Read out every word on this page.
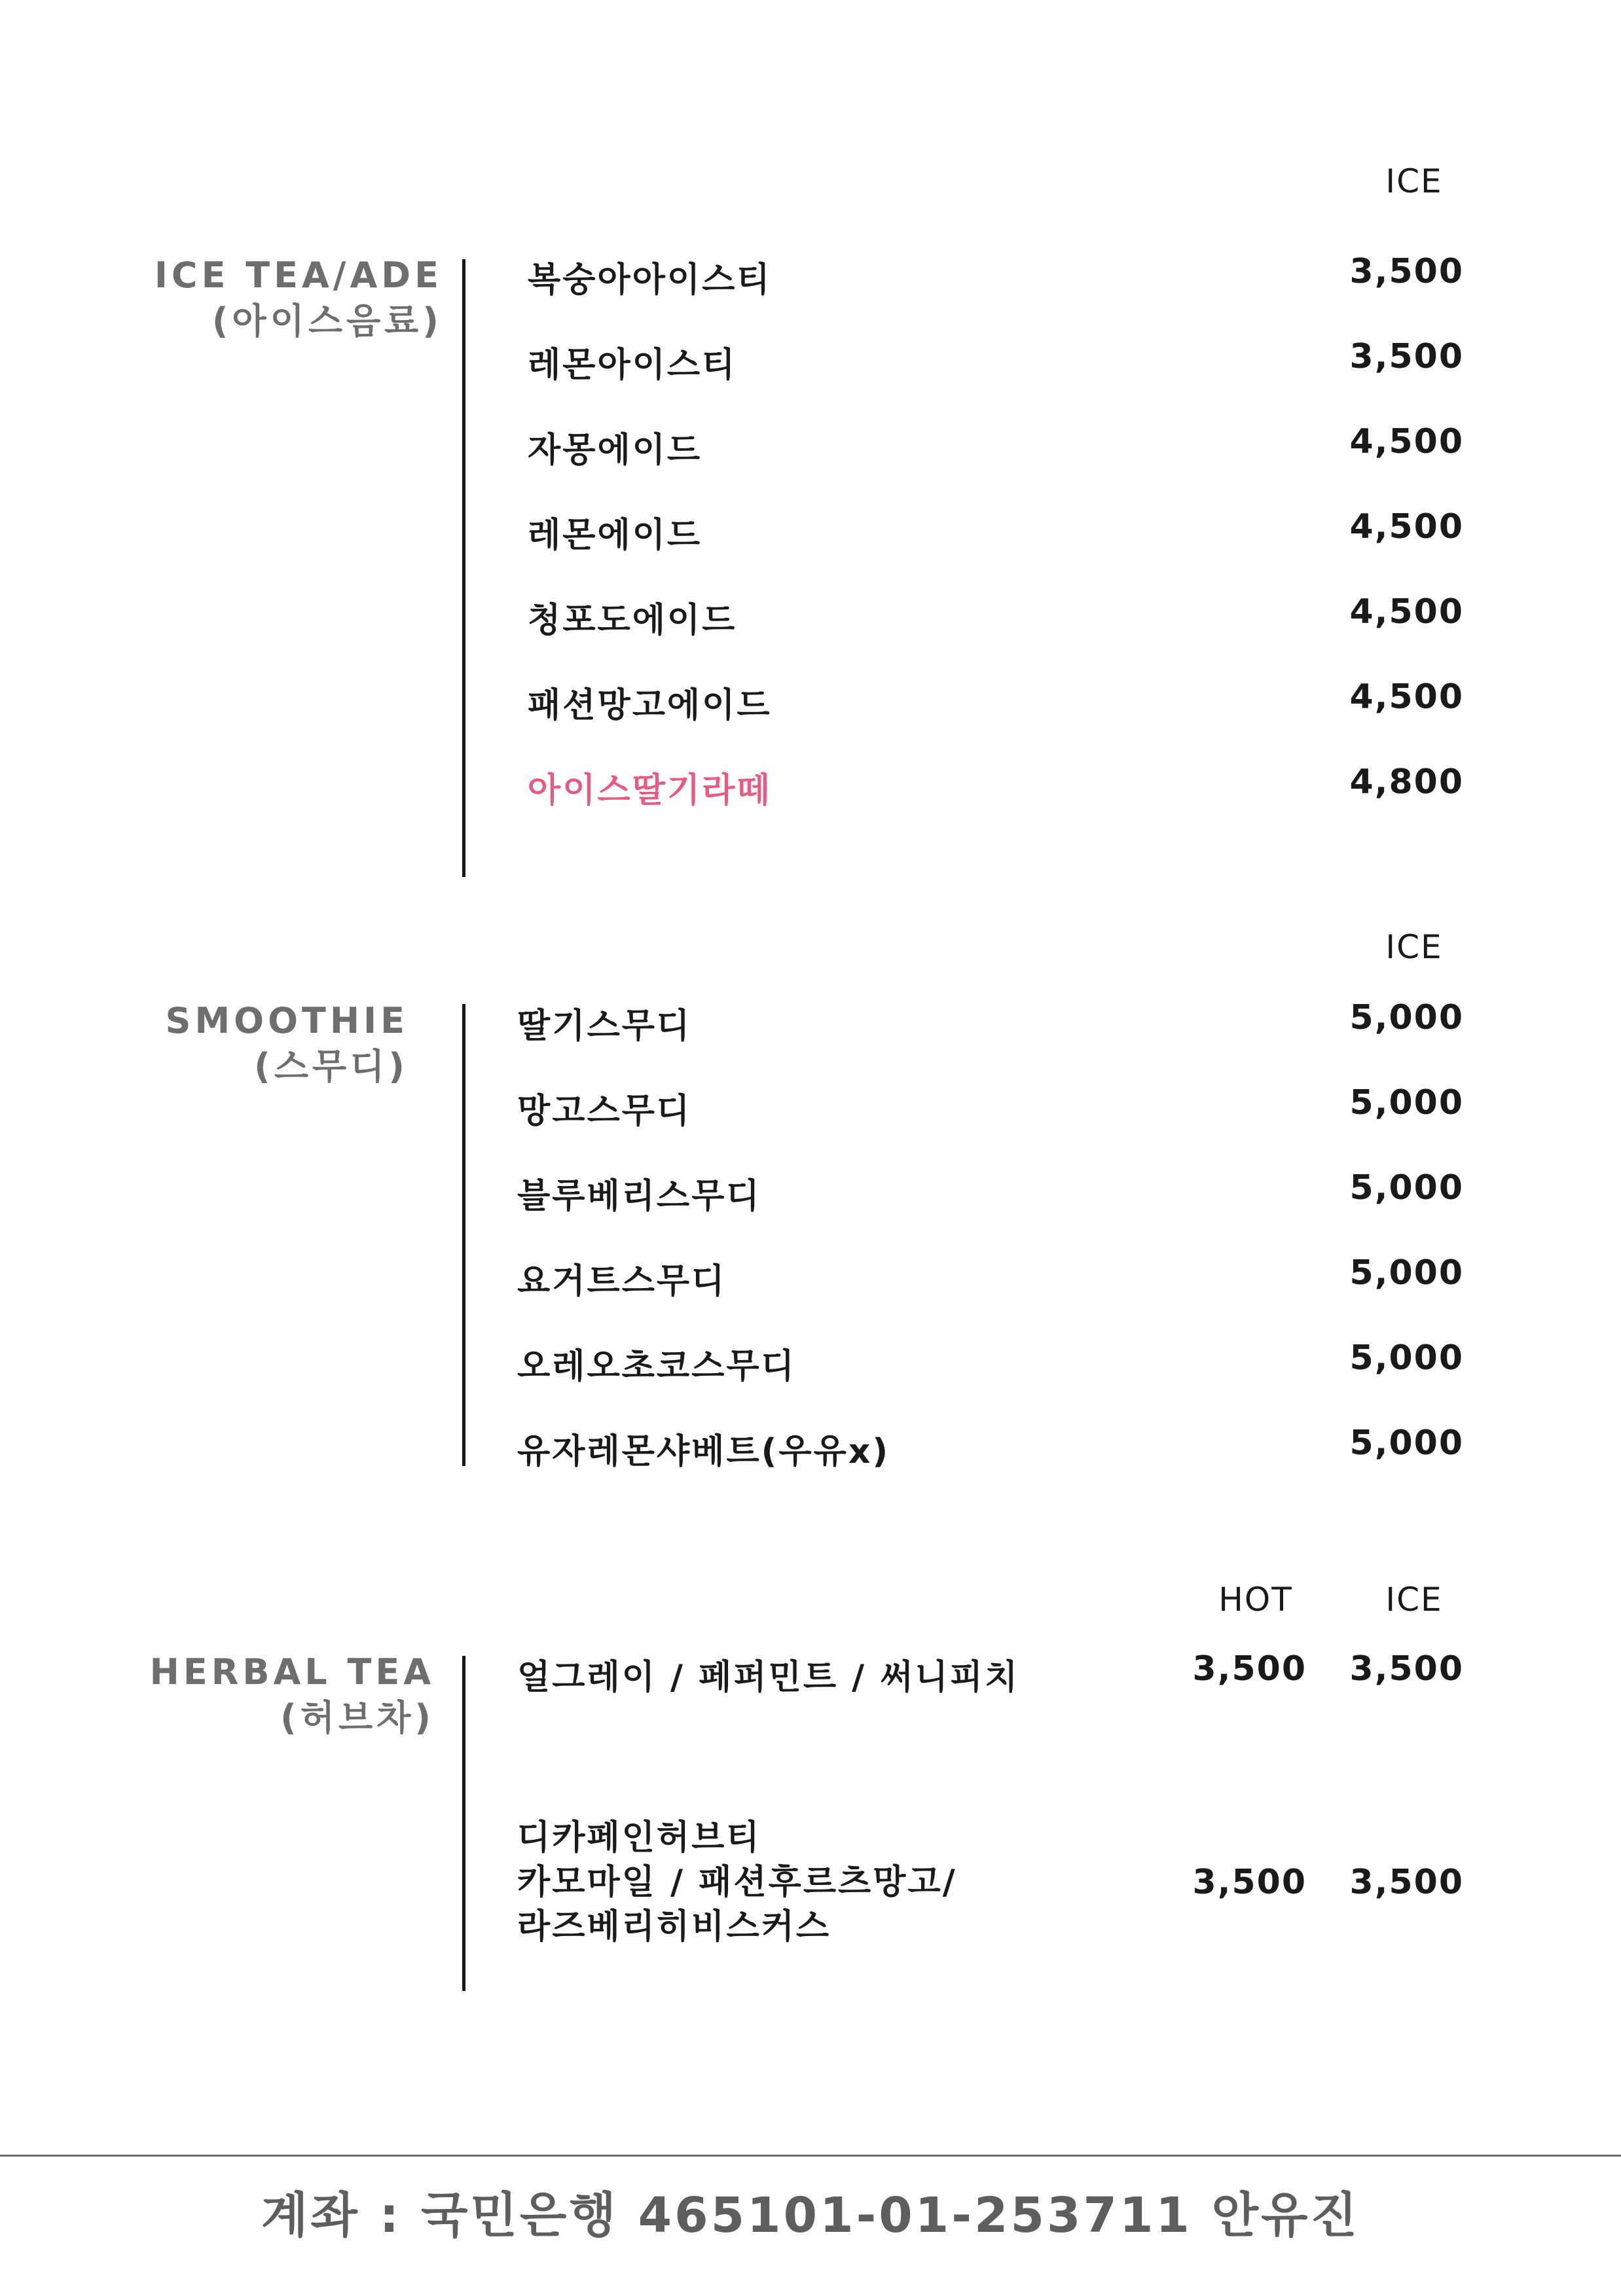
ICE
ICE TEA/ADE
(아이스음료)
복숭아아이스티	3,500
레몬아이스티	3,500
자몽에이드	4,500
레몬에이드	4,500
청포도에이드	4,500
패션망고에이드	4,500
아이스딸기라떼	4,800
ICE
SMOOTHIE
(스무디)
딸기스무디	5,000
망고스무디	5,000
블루베리스무디	5,000
요거트스무디	5,000
오레오초코스무디	5,000
유자레몬샤베트(우유x)	5,000
HOT	ICE
HERBAL TEA
(허브차)
얼그레이 / 페퍼민트 / 써니피치	3,500	3,500
디카페인허브티
카모마일 / 패션후르츠망고/
라즈베리히비스커스
3,500	3,500
계좌 : 국민은행 465101-01-253711 안유진
